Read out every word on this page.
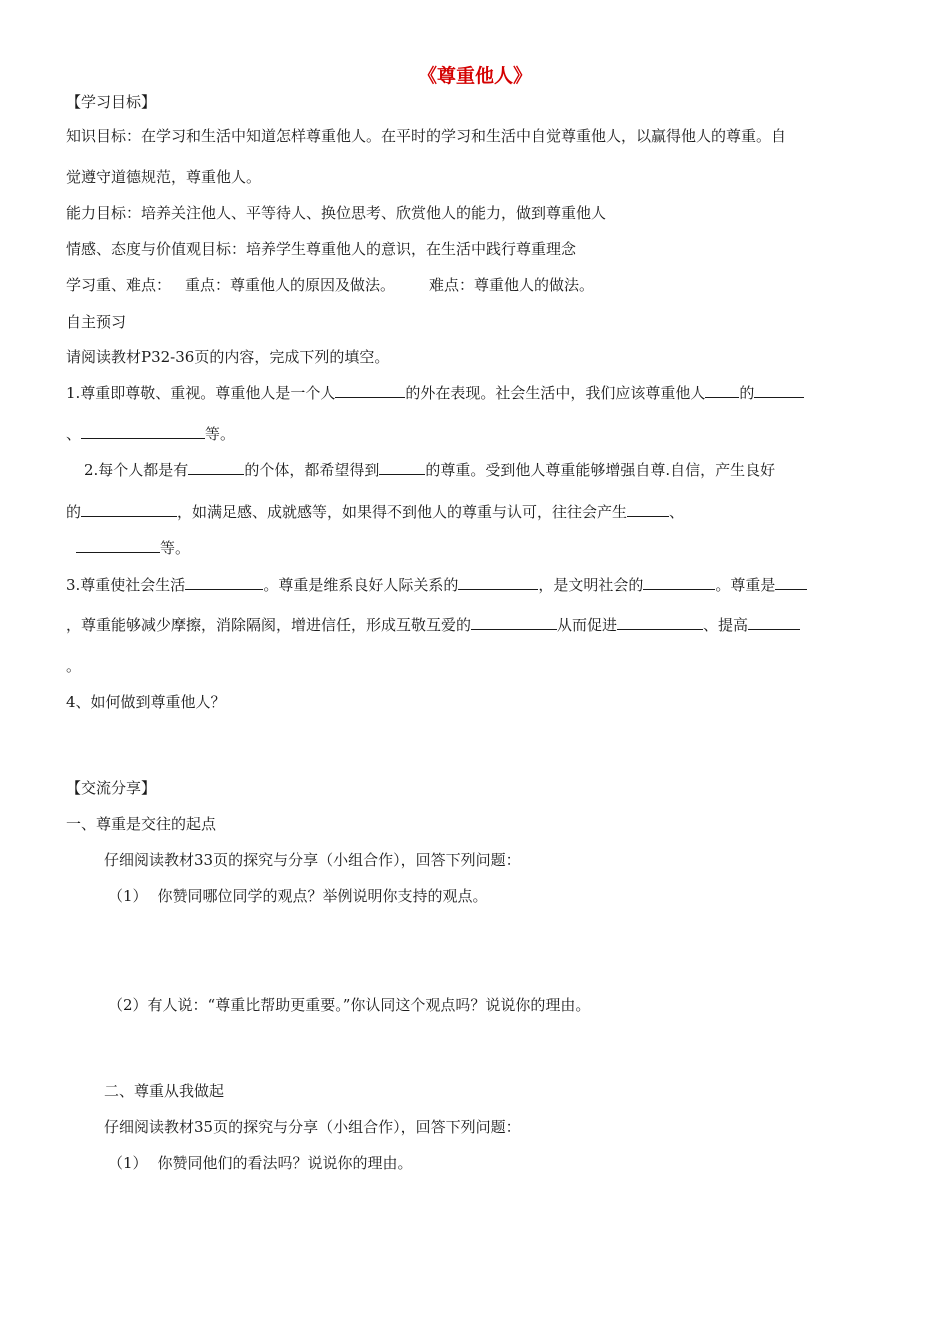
《尊重他人》
【学习目标】
知识目标：在学习和生活中知道怎样尊重他人。在平时的学习和生活中自觉尊重他人，以赢得他人的尊重。自
觉遵守道德规范，尊重他人。
能力目标：培养关注他人、平等待人、换位思考、欣赏他人的能力，做到尊重他人
情感、态度与价值观目标：培养学生尊重他人的意识，在生活中践行尊重理念
学习重、难点： 重点：尊重他人的原因及做法。 难点：尊重他人的做法。
自主预习
请阅读教材P32-36页的内容，完成下列的填空。
1.尊重即尊敬、重视。尊重他人是一个人	的外在表现。社会生活中，我们应该尊重他人 的
、	等。
2.每个人都是有	的个体，都希望得到	的尊重。受到他人尊重能够增强自尊.自信，产生良好
的	，如满足感、成就感等，如果得不到他人的尊重与认可，往往会产生	、
等。
3.尊重使社会生活	。尊重是维系良好人际关系的	，是文明社会的	。尊重是
，尊重能够减少摩擦，消除隔阂，增进信任，形成互敬互爱的	从而促进	、提高
。
4、如何做到尊重他人？
【交流分享】
一、尊重是交往的起点
仔细阅读教材33页的探究与分享（小组合作），回答下列问题：
（1） 你赞同哪位同学的观点？举例说明你支持的观点。
（2）有人说：“尊重比帮助更重要。”你认同这个观点吗？说说你的理由。
二、尊重从我做起
仔细阅读教材35页的探究与分享（小组合作），回答下列问题：
（1） 你赞同他们的看法吗？说说你的理由。
